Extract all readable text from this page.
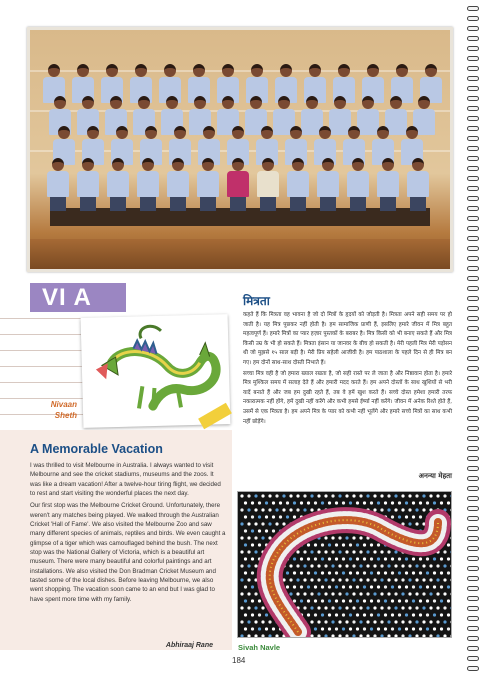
VI A
Nivaan
Sheth
A Memorable Vacation

I was thrilled to visit Melbourne in Australia. I always wanted to visit Melbourne and see the cricket stadiums, museums and the zoos. It was like a dream vacation! After a twelve-hour tiring flight, we decided to rest and start visiting the wonderful places the next day.

Our first stop was the Melbourne Cricket Ground. Unfortunately, there weren't any matches being played. We walked through the Australian Cricket 'Hall of Fame'. We also visited the Melbourne Zoo and saw many different species of animals, reptiles and birds. We even caught a glimpse of a tiger which was camouflaged behind the bush. The next stop was the National Gallery of Victoria, which is a beautiful art museum. There were many beautiful and colorful paintings and art installations. We also visited the Don Bradman Cricket Museum and tasted some of the local dishes. Before leaving Melbourne, we also went shopping. The vacation soon came to an end but I was glad to have spent more time with my family.

Abhiraaj Rane
मित्रता

कहते हैं कि मित्रता वह भावना है जो दो मित्रों के हृदयों को जोड़ती है। मित्रता अपने सही समय पर हो जाती है। यह मित्र पूछकर नहीं होती है। हम सामाजिक प्राणी हैं, इसलिए हमारे जीवन में मित्र बहुत महत्वपूर्ण हैं। हमारे मित्रों का प्यार हज़ार पुस्तकों के बराबर है। मित्र किसी को भी बनाए सकते हैं और मित्र किसी उम्र के भी हो सकते हैं। मित्रता इंसान या जानवर के बीच हो सकती है। मेरी पहली मित्र मेरी पड़ोसन थी जो मुझसे १५ साल बड़ी है। मेरी प्रिय सहेली आजीवी है। हम पाठशाला के पहले दिन से ही मित्र बन गए। हम दोनों साथ-साथ दोस्ती निभाते हैं।

सच्चा मित्र वही है जो हमारा ख्याल रखता है, जो सही रास्ते पर ले जाता है और निष्ठावान होता है। हमारे मित्र मुश्किल समय में सलाह देते हैं और हमारी मदद करते हैं। हम अपने दोस्तों के साथ खुशियों से भरी यादें बनाते हैं और जब हम दुखी रहते हैं, तब वे हमें खुश करते हैं। सच्चे दोस्त हमेशा हमारी तरफ नकारात्मक नहीं होंगे, हमें दुखी नहीं करेंगे और कभी हमसे ईर्ष्या नहीं करेंगे। जीवन में अनेक रिश्ते होते हैं, उसमें से एक मित्रता है। हम अपने मित्र के प्यार को कभी नहीं भूलेंगे और हमारे सच्चे मित्रों का साथ कभी नहीं छोड़ेंगे।

अनन्या मेहता
Sivah Navle
184
